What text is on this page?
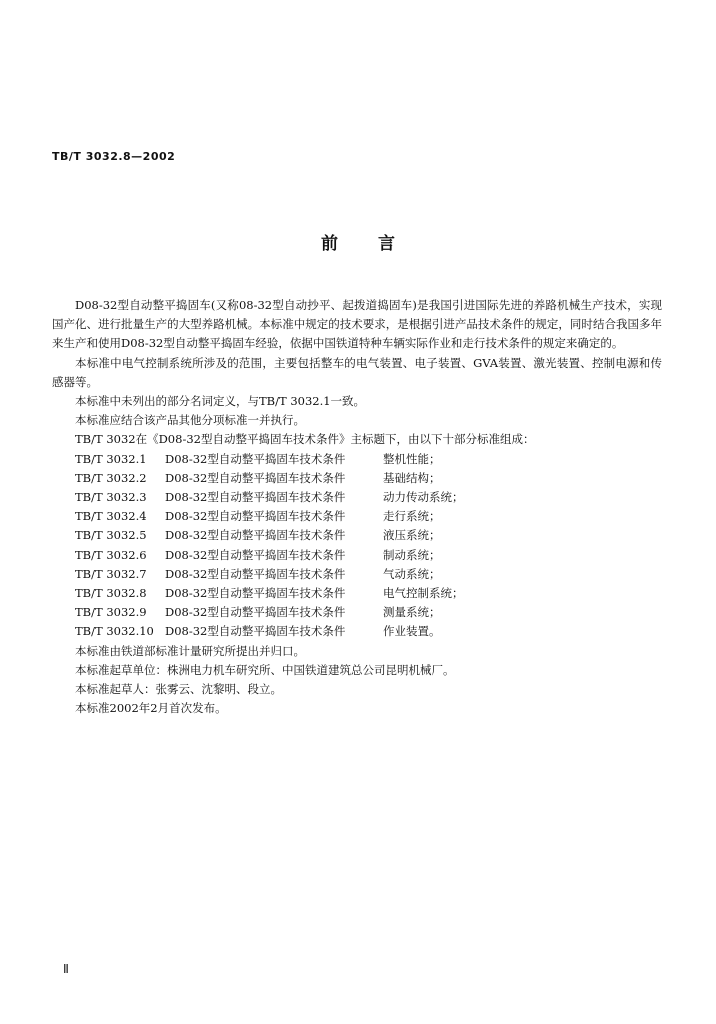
TB/T 3032.8—2002
前言

D08-32型自动整平捣固车(又称08-32型自动抄平、起拨道捣固车)是我国引进国际先进的养路机械生产技术，实现国产化、进行批量生产的大型养路机械。本标准中规定的技术要求，是根据引进产品技术条件的规定，同时结合我国多年来生产和使用D08-32型自动整平捣固车经验，依据中国铁道特种车辆实际作业和走行技术条件的规定来确定的。

本标准中电气控制系统所涉及的范围，主要包括整车的电气装置、电子装置、GVA装置、激光装置、控制电源和传感器等。

本标准中未列出的部分名词定义，与TB/T 3032.1一致。

本标准应结合该产品其他分项标准一并执行。

TB/T 3032在《D08-32型自动整平捣固车技术条件》主标题下，由以下十部分标准组成：

TB/T 3032.1 D08-32型自动整平捣固车技术条件	整机性能；
TB/T 3032.2 D08-32型自动整平捣固车技术条件	基础结构；
TB/T 3032.3 D08-32型自动整平捣固车技术条件	动力传动系统；
TB/T 3032.4 D08-32型自动整平捣固车技术条件	走行系统；
TB/T 3032.5 D08-32型自动整平捣固车技术条件	液压系统；
TB/T 3032.6 D08-32型自动整平捣固车技术条件	制动系统；
TB/T 3032.7 D08-32型自动整平捣固车技术条件	气动系统；
TB/T 3032.8 D08-32型自动整平捣固车技术条件	电气控制系统；
TB/T 3032.9 D08-32型自动整平捣固车技术条件	测量系统；
TB/T 3032.10 D08-32型自动整平捣固车技术条件	作业装置。

本标准由铁道部标准计量研究所提出并归口。

本标准起草单位：株洲电力机车研究所、中国铁道建筑总公司昆明机械厂。

本标准起草人：张雾云、沈黎明、段立。

本标准2002年2月首次发布。

Ⅱ
